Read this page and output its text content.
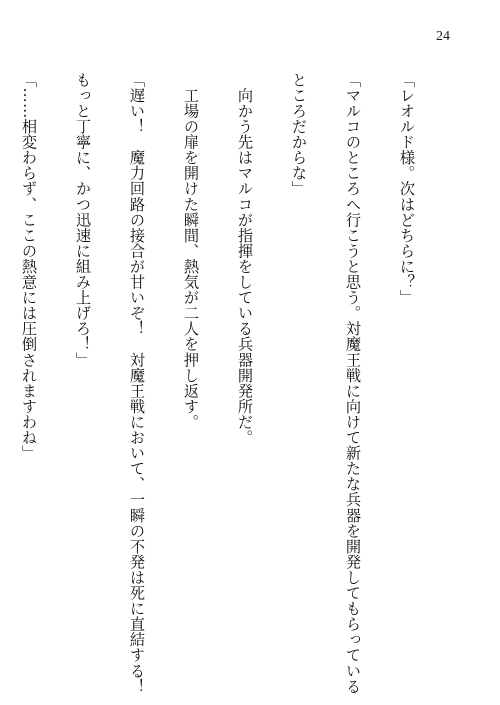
24

「レオルド様。次はどちらに？」

「マルコのところへ行こうと思う。対魔王戦に向けて新たな兵器を開発してもらっている

ところだからな」

　向かう先はマルコが指揮をしている兵器開発所だ。

　工場の扉を開けた瞬間、熱気が二人を押し返す。

「遅い！　魔力回路の接合が甘いぞ！　対魔王戦において、一瞬の不発は死に直結する！

もっと丁寧に、かつ迅速に組み上げろ！」

「……相変わらず、ここの熱意には圧倒されますわね」
